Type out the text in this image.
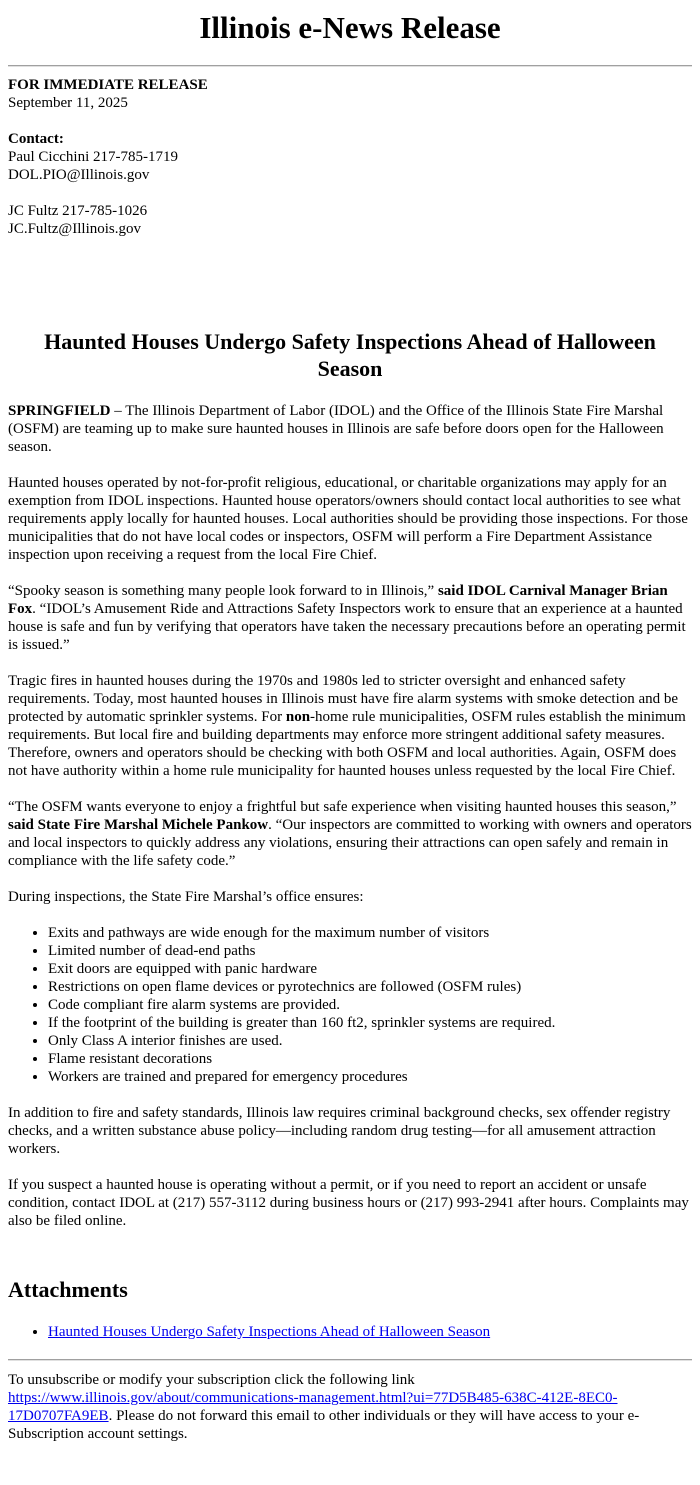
Illinois e-News Release
FOR IMMEDIATE RELEASE
September 11, 2025
Contact:
Paul Cicchini 217-785-1719
DOL.PIO@Illinois.gov
JC Fultz 217-785-1026
JC.Fultz@Illinois.gov
Haunted Houses Undergo Safety Inspections Ahead of Halloween Season

SPRINGFIELD – The Illinois Department of Labor (IDOL) and the Office of the Illinois State Fire Marshal (OSFM) are teaming up to make sure haunted houses in Illinois are safe before doors open for the Halloween season.

Haunted houses operated by not-for-profit religious, educational, or charitable organizations may apply for an exemption from IDOL inspections. Haunted house operators/owners should contact local authorities to see what requirements apply locally for haunted houses. Local authorities should be providing those inspections. For those municipalities that do not have local codes or inspectors, OSFM will perform a Fire Department Assistance inspection upon receiving a request from the local Fire Chief.

“Spooky season is something many people look forward to in Illinois,” said IDOL Carnival Manager Brian Fox. “IDOL’s Amusement Ride and Attractions Safety Inspectors work to ensure that an experience at a haunted house is safe and fun by verifying that operators have taken the necessary precautions before an operating permit is issued.”

Tragic fires in haunted houses during the 1970s and 1980s led to stricter oversight and enhanced safety requirements. Today, most haunted houses in Illinois must have fire alarm systems with smoke detection and be protected by automatic sprinkler systems. For non-home rule municipalities, OSFM rules establish the minimum requirements. But local fire and building departments may enforce more stringent additional safety measures. Therefore, owners and operators should be checking with both OSFM and local authorities. Again, OSFM does not have authority within a home rule municipality for haunted houses unless requested by the local Fire Chief.

“The OSFM wants everyone to enjoy a frightful but safe experience when visiting haunted houses this season,” said State Fire Marshal Michele Pankow. “Our inspectors are committed to working with owners and operators and local inspectors to quickly address any violations, ensuring their attractions can open safely and remain in compliance with the life safety code.”

During inspections, the State Fire Marshal’s office ensures:

• Exits and pathways are wide enough for the maximum number of visitors
• Limited number of dead-end paths
• Exit doors are equipped with panic hardware
• Restrictions on open flame devices or pyrotechnics are followed (OSFM rules)
• Code compliant fire alarm systems are provided.
• If the footprint of the building is greater than 160 ft2, sprinkler systems are required.
• Only Class A interior finishes are used.
• Flame resistant decorations
• Workers are trained and prepared for emergency procedures

In addition to fire and safety standards, Illinois law requires criminal background checks, sex offender registry checks, and a written substance abuse policy—including random drug testing—for all amusement attraction workers.

If you suspect a haunted house is operating without a permit, or if you need to report an accident or unsafe condition, contact IDOL at (217) 557-3112 during business hours or (217) 993-2941 after hours. Complaints may also be filed online.

Attachments
• Haunted Houses Undergo Safety Inspections Ahead of Halloween Season
To unsubscribe or modify your subscription click the following link
https://www.illinois.gov/about/communications-management.html?ui=77D5B485-638C-412E-8EC0-17D0707FA9EB. Please do not forward this email to other individuals or they will have access to your e-Subscription account settings.
